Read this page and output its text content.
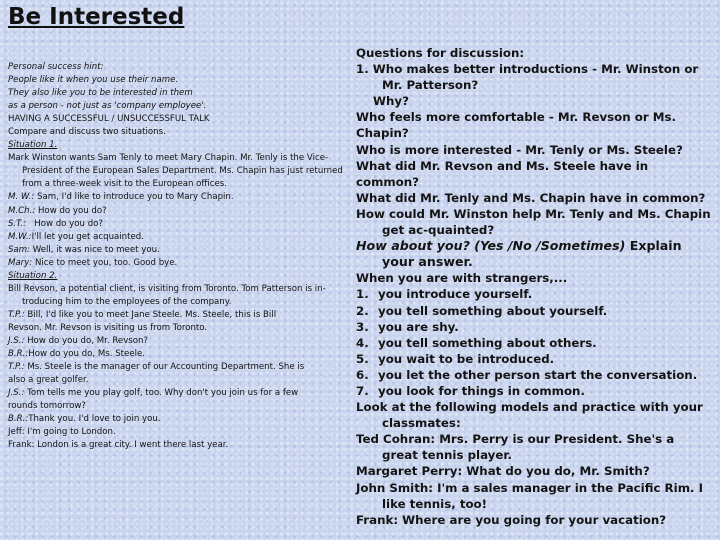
Be Interested

Personal success hint:

People like it when you use their name.

They also like you to be interested in them

as a person - not just as 'company employee'.

HAVING A SUCCESSFUL / UNSUCCESSFUL TALK

Compare and discuss two situations.

Situation 1.

Mark Winston wants Sam Tenly to meet Mary Chapin. Mr. Tenly is the Vice-President of the European Sales Department. Ms. Chapin has just returned from a three-week visit to the European offices.

M. W.: Sam, I'd like to introduce you to Mary Chapin.

M.Ch.: How do you do?

S.T.: How do you do?

M.W.:I'll let you get acquainted.

Sam: Well, it was nice to meet you.

Mary: Nice to meet you, too. Good bye.

Situation 2.

Bill Revson, a potential client, is visiting from Toronto. Tom Patterson is in-troducing him to the employees of the company.

T.P.: Bill, I'd like you to meet Jane Steele. Ms. Steele, this is Bill

Revson. Mr. Revson is visiting us from Toronto.

J.S.: How do you do, Mr. Revson?

B.R.:How do you do, Ms. Steele.

T.P.: Ms. Steele is the manager of our Accounting Department. She is

also a great golfer.

J.S.: Tom tells me you play golf, too. Why don't you join us for a few

rounds tomorrow?

B.R.:Thank you. I'd love to join you.

Jeff: I'm going to London.

Frank: London is a great city. I went there last year.

Questions for discussion:

1. Who makes better introductions - Mr. Winston or Mr. Patterson?

Why?

Who feels more comfortable - Mr. Revson or Ms. Chapin?

Who is more interested - Mr. Tenly or Ms. Steele?

What did Mr. Revson and Ms. Steele have in common?

What did Mr. Tenly and Ms. Chapin have in common?

How could Mr. Winston help Mr. Tenly and Ms. Chapin get ac-quainted?

How about you? (Yes /No /Sometimes) Explain your answer.

When you are with strangers,...

1. you introduce yourself.

2. you tell something about yourself.

3. you are shy.

4. you tell something about others.

5. you wait to be introduced.

6. you let the other person start the conversation.

7. you look for things in common.

Look at the following models and practice with your classmates:

Ted Cohran: Mrs. Perry is our President. She's a great tennis player.

Margaret Perry: What do you do, Mr. Smith?

John Smith: I'm a sales manager in the Pacific Rim. I like tennis, too!

Frank: Where are you going for your vacation?
